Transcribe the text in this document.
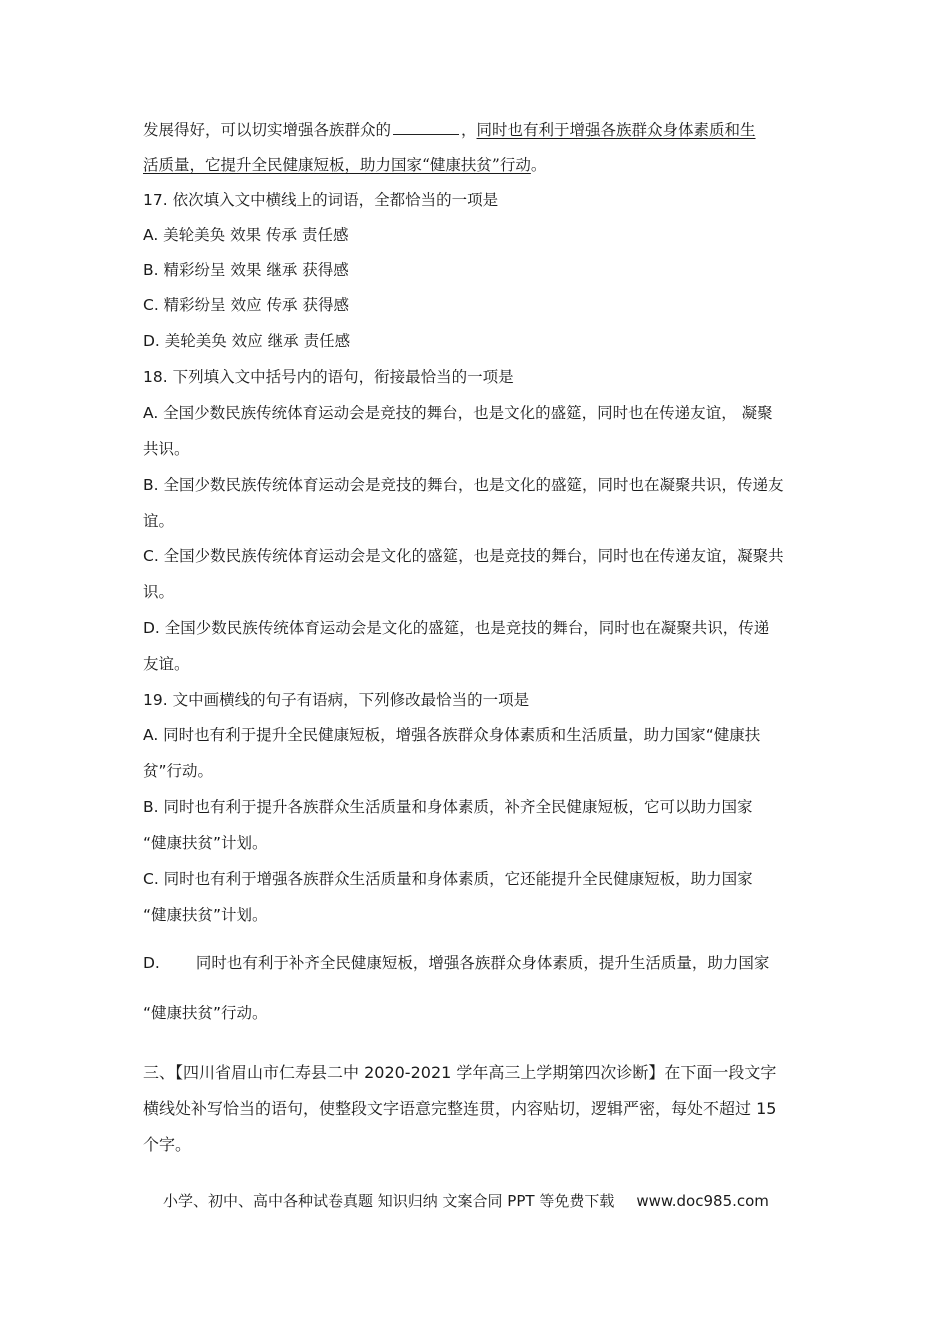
发展得好，可以切实增强各族群众的	，同时也有利于增强各族群众身体素质和生
活质量，它提升全民健康短板，助力国家“健康扶贫”行动。
17. 依次填入文中横线上的词语，全都恰当的一项是
A. 美轮美奂 效果 传承 责任感
B. 精彩纷呈 效果 继承 获得感
C. 精彩纷呈 效应 传承 获得感
D. 美轮美奂 效应 继承 责任感
18. 下列填入文中括号内的语句，衔接最恰当的一项是
A. 全国少数民族传统体育运动会是竞技的舞台，也是文化的盛筵，同时也在传递友谊， 凝聚
共识。
B. 全国少数民族传统体育运动会是竞技的舞台，也是文化的盛筵，同时也在凝聚共识，传递友
谊。
C. 全国少数民族传统体育运动会是文化的盛筵，也是竞技的舞台，同时也在传递友谊，凝聚共
识。
D. 全国少数民族传统体育运动会是文化的盛筵，也是竞技的舞台，同时也在凝聚共识，传递
友谊。
19. 文中画横线的句子有语病，下列修改最恰当的一项是
A. 同时也有利于提升全民健康短板，增强各族群众身体素质和生活质量，助力国家“健康扶
贫”行动。
B. 同时也有利于提升各族群众生活质量和身体素质，补齐全民健康短板，它可以助力国家
“健康扶贫”计划。
C. 同时也有利于增强各族群众生活质量和身体素质，它还能提升全民健康短板，助力国家
“健康扶贫”计划。
D. 同时也有利于补齐全民健康短板，增强各族群众身体素质，提升生活质量，助力国家
“健康扶贫”行动。
三、【四川省眉山市仁寿县二中 2020-2021 学年高三上学期第四次诊断】在下面一段文字
横线处补写恰当的语句，使整段文字语意完整连贯，内容贴切，逻辑严密，每处不超过 15
个字。
小学、初中、高中各种试卷真题 知识归纳 文案合同 PPT 等免费下载 www.doc985.com
